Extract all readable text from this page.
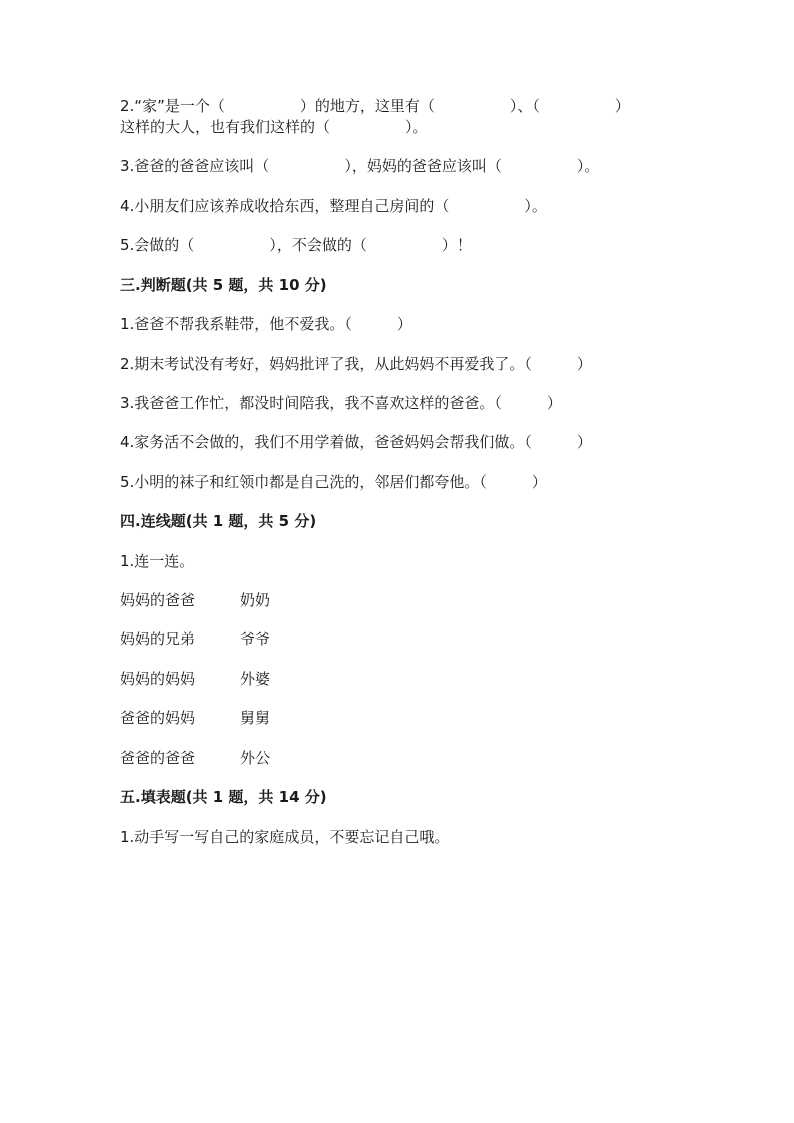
2.“家”是一个（　　　　　）的地方，这里有（　　　　　）、（　　　　　）
这样的大人，也有我们这样的（　　　　　）。
3.爸爸的爸爸应该叫（　　　　　），妈妈的爸爸应该叫（　　　　　）。
4.小朋友们应该养成收拾东西，整理自己房间的（　　　　　）。
5.会做的（　　　　　），不会做的（　　　　　）！
三.判断题(共 5 题，共 10 分)
1.爸爸不帮我系鞋带，他不爱我。（　　　）
2.期末考试没有考好，妈妈批评了我，从此妈妈不再爱我了。（　　　）
3.我爸爸工作忙，都没时间陪我，我不喜欢这样的爸爸。（　　　）
4.家务活不会做的，我们不用学着做，爸爸妈妈会帮我们做。（　　　）
5.小明的袜子和红领巾都是自己洗的，邻居们都夸他。（　　　）
四.连线题(共 1 题，共 5 分)
1.连一连。
妈妈的爸爸	奶奶
妈妈的兄弟	爷爷
妈妈的妈妈	外婆
爸爸的妈妈	舅舅
爸爸的爸爸	外公
五.填表题(共 1 题，共 14 分)
1.动手写一写自己的家庭成员，不要忘记自己哦。
